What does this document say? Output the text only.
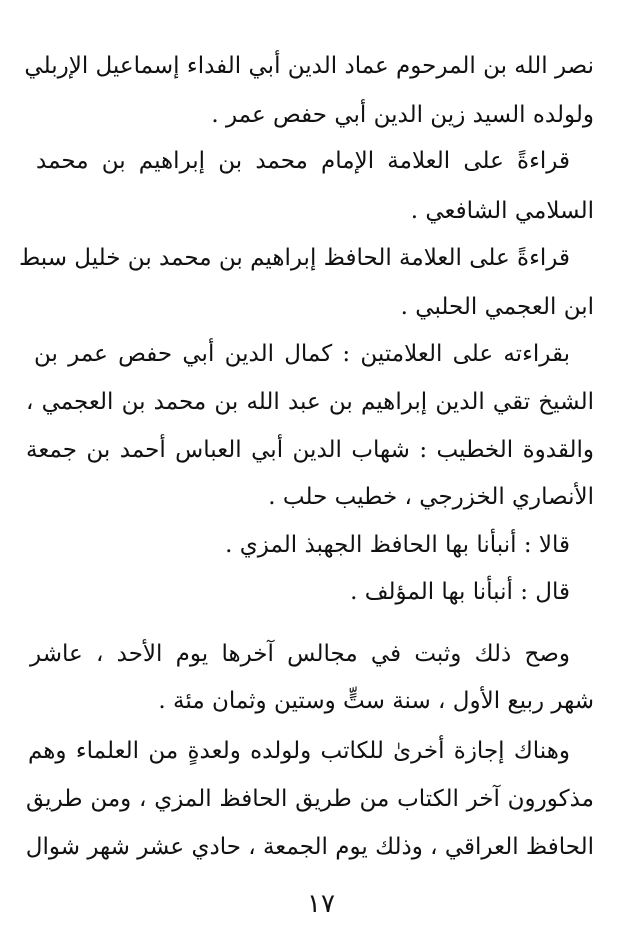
نصر الله بن المرحوم عماد الدين أبي الفداء إسماعيل الإربلي
ولولده السيد زين الدين أبي حفص عمر .
قراءةً على العلامة الإمام محمد بن إبراهيم بن محمد
السلامي الشافعي .
قراءةً على العلامة الحافظ إبراهيم بن محمد بن خليل سبط
ابن العجمي الحلبي .
بقراءته على العلامتين : كمال الدين أبي حفص عمر بن
الشيخ تقي الدين إبراهيم بن عبد الله بن محمد بن العجمي ،
والقدوة الخطيب : شهاب الدين أبي العباس أحمد بن جمعة
الأنصاري الخزرجي ، خطيب حلب .
قالا : أنبأنا بها الحافظ الجهبذ المزي .
قال : أنبأنا بها المؤلف .
وصح ذلك وثبت في مجالس آخرها يوم الأحد ، عاشر
شهر ربيع الأول ، سنة ستٍّ وستين وثمان مئة .
وهناك إجازة أخرىٰ للكاتب ولولده ولعدةٍ من العلماء وهم
مذكورون آخر الكتاب من طريق الحافظ المزي ، ومن طريق
الحافظ العراقي ، وذلك يوم الجمعة ، حادي عشر شهر شوال
١٧
